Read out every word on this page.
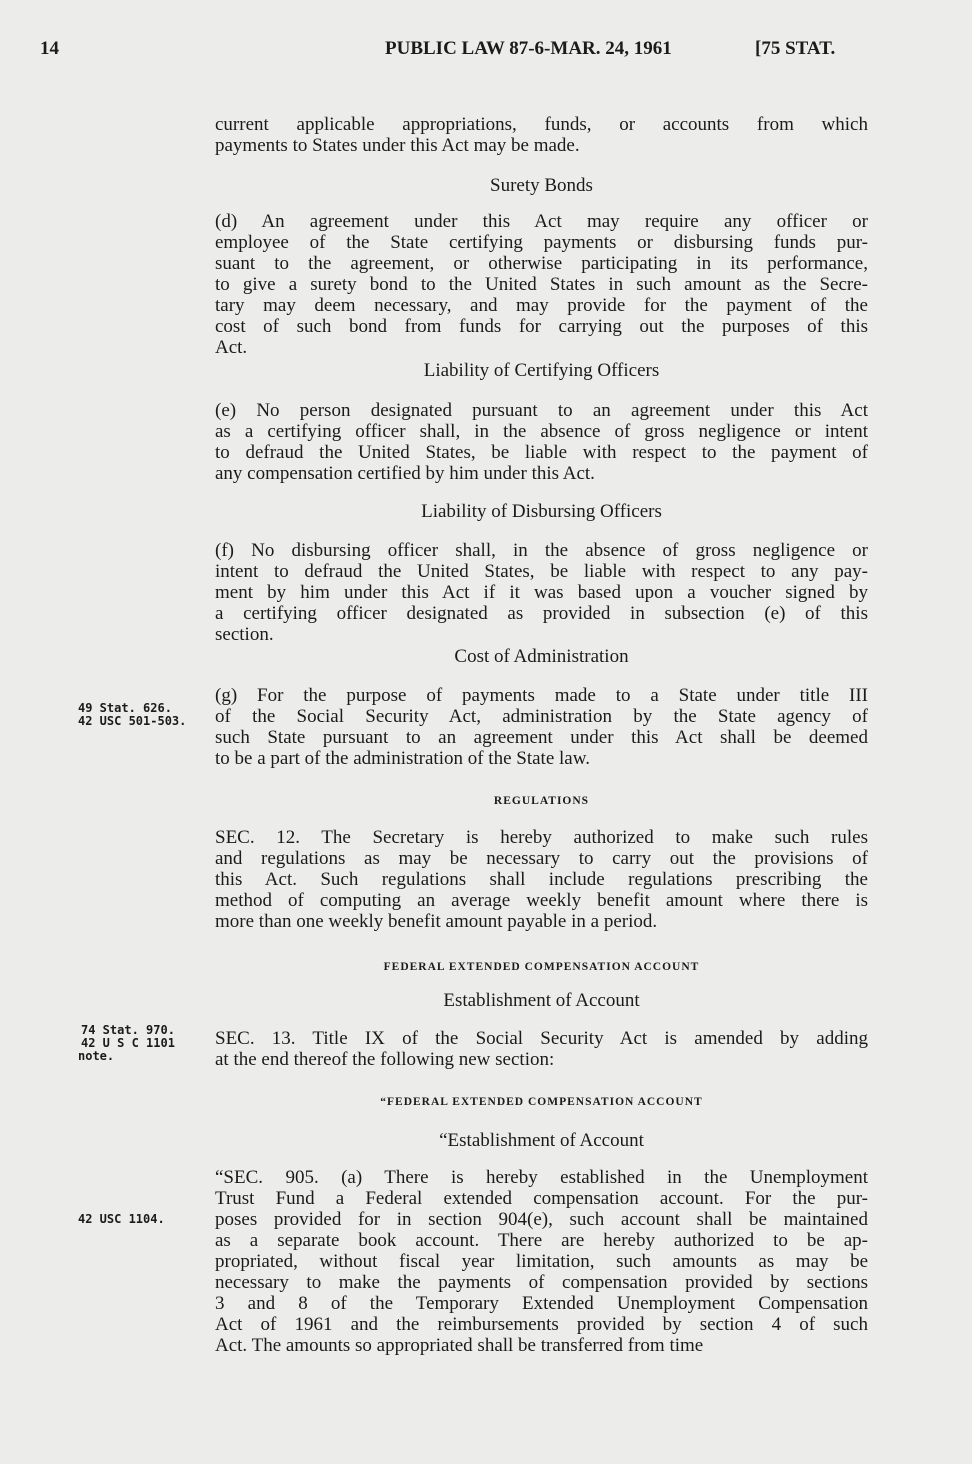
14	PUBLIC LAW 87-6-MAR. 24, 1961	[75 STAT.
current applicable appropriations, funds, or accounts from which
payments to States under this Act may be made.
Surety Bonds
(d) An agreement under this Act may require any officer or
employee of the State certifying payments or disbursing funds pur-
suant to the agreement, or otherwise participating in its performance,
to give a surety bond to the United States in such amount as the Secre-
tary may deem necessary, and may provide for the payment of the
cost of such bond from funds for carrying out the purposes of this
Act.
Liability of Certifying Officers
(e) No person designated pursuant to an agreement under this Act
as a certifying officer shall, in the absence of gross negligence or intent
to defraud the United States, be liable with respect to the payment of
any compensation certified by him under this Act.
Liability of Disbursing Officers
(f) No disbursing officer shall, in the absence of gross negligence or
intent to defraud the United States, be liable with respect to any pay-
ment by him under this Act if it was based upon a voucher signed by
a certifying officer designated as provided in subsection (e) of this
section.
Cost of Administration
(g) For the purpose of payments made to a State under title III
of the Social Security Act, administration by the State agency of
such State pursuant to an agreement under this Act shall be deemed
to be a part of the administration of the State law.
REGULATIONS
SEC. 12. The Secretary is hereby authorized to make such rules
and regulations as may be necessary to carry out the provisions of
this Act. Such regulations shall include regulations prescribing the
method of computing an average weekly benefit amount where there is
more than one weekly benefit amount payable in a period.
FEDERAL EXTENDED COMPENSATION ACCOUNT
Establishment of Account
SEC. 13. Title IX of the Social Security Act is amended by adding
at the end thereof the following new section:
“FEDERAL EXTENDED COMPENSATION ACCOUNT
“Establishment of Account
“SEC. 905. (a) There is hereby established in the Unemployment
Trust Fund a Federal extended compensation account. For the pur-
poses provided for in section 904(e), such account shall be maintained
as a separate book account. There are hereby authorized to be ap-
propriated, without fiscal year limitation, such amounts as may be
necessary to make the payments of compensation provided by sections
3 and 8 of the Temporary Extended Unemployment Compensation
Act of 1961 and the reimbursements provided by section 4 of such
Act. The amounts so appropriated shall be transferred from time
49 Stat. 626.
42 USC 501-503.
74 Stat. 970.
42 U S C 1101
note.
42 USC 1104.
